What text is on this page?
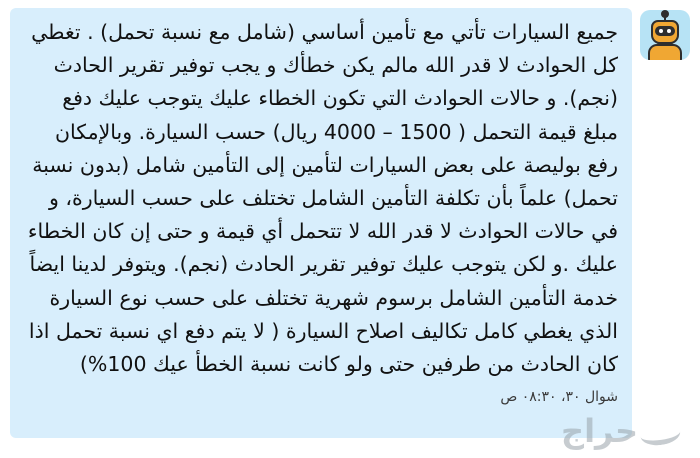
جميع السيارات تأتي مع تأمين أساسي (شامل مع نسبة تحمل) . تغطي كل الحوادث لا قدر الله مالم يكن خطأك و يجب توفير تقرير الحادث (نجم). و حالات الحوادث التي تكون الخطاء عليك يتوجب عليك دفع مبلغ قيمة التحمل ( 1500 – 4000 ريال) حسب السيارة. وبالإمكان رفع بوليصة على بعض السيارات لتأمين إلى التأمين شامل (بدون نسبة تحمل) علماً بأن تكلفة التأمين الشامل تختلف على حسب السيارة، و في حالات الحوادث لا قدر الله لا تتحمل أي قيمة و حتى إن كان الخطاء عليك .و لكن يتوجب عليك توفير تقرير الحادث (نجم). ويتوفر لدينا ايضاً خدمة التأمين الشامل برسوم شهرية تختلف على حسب نوع السيارة الذي يغطي كامل تكاليف اصلاح السيارة ( لا يتم دفع اي نسبة تحمل اذا كان الحادث من طرفين حتى ولو كانت نسبة الخطأ عيك 100%)
شوال ٣٠، ٠٨:٣٠ ص
حراج
